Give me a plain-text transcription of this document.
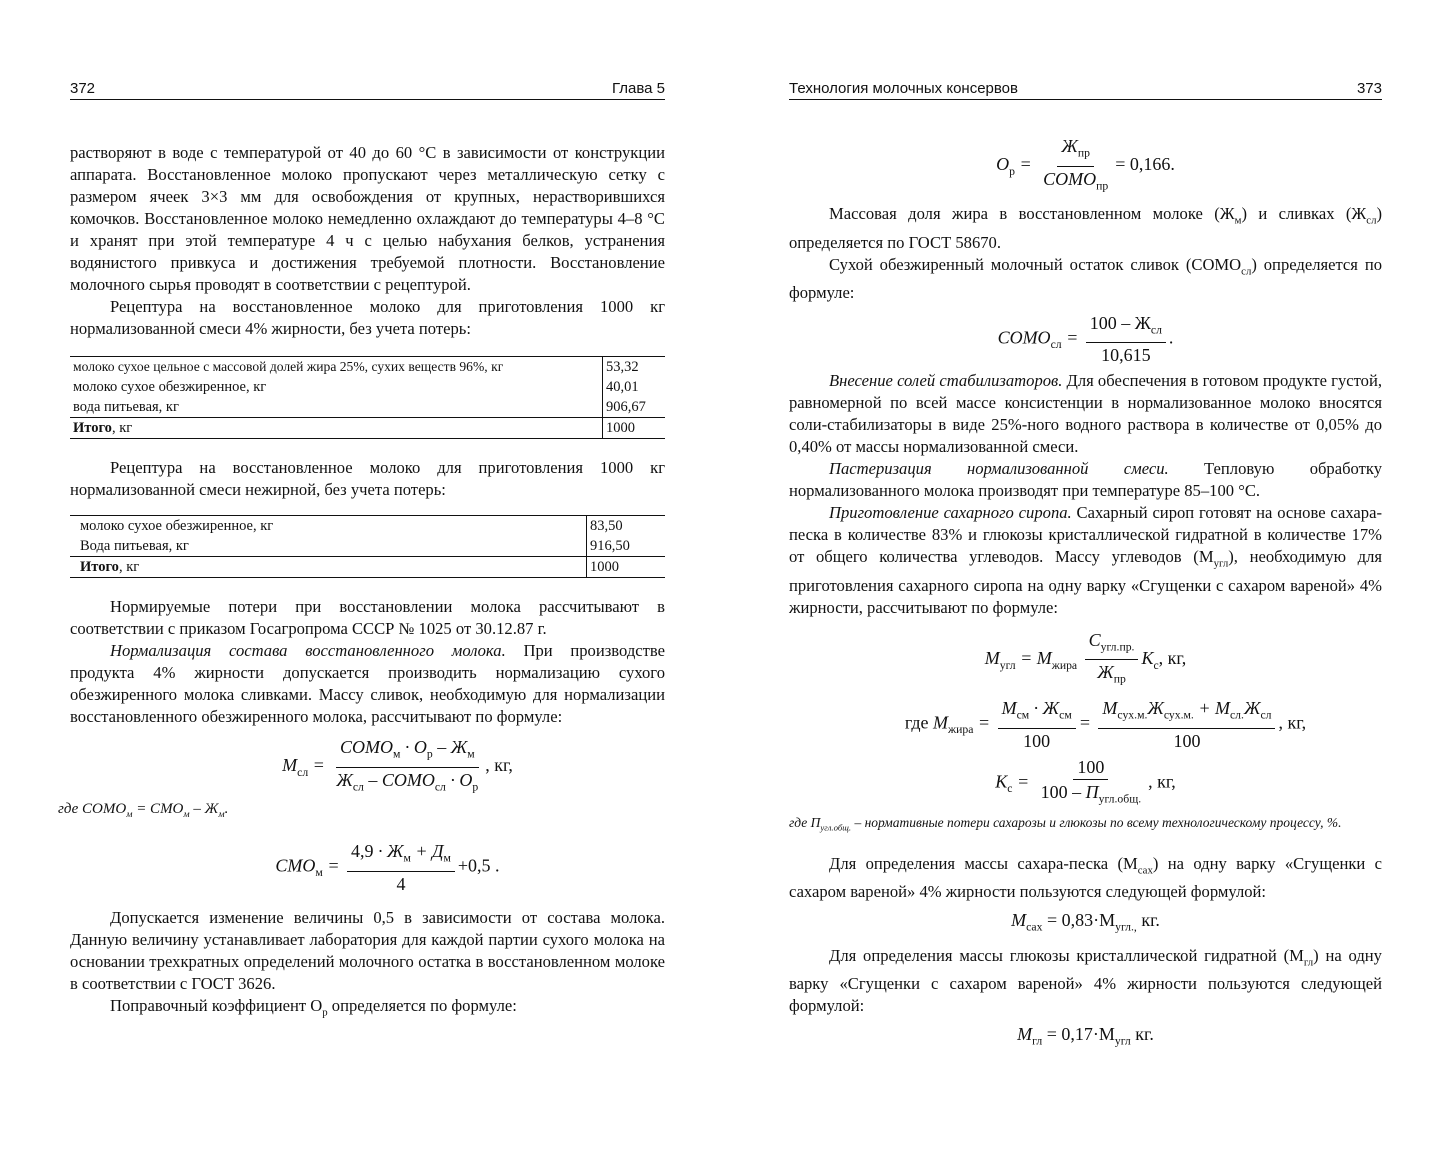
372	Глава 5

растворяют в воде с температурой от 40 до 60 °С в зависимости от конструкции аппарата. Восстановленное молоко пропускают через металлическую сетку с размером ячеек 3×3 мм для освобождения от крупных, нерастворившихся комочков. Восстановленное молоко немедленно охлаждают до температуры 4–8 °С и хранят при этой температуре 4 ч с целью набухания белков, устранения водянистого привкуса и достижения требуемой плотности. Восстановление молочного сырья проводят в соответствии с рецептурой.

Рецептура на восстановленное молоко для приготовления 1000 кг нормализованной смеси 4% жирности, без учета потерь:

молоко сухое цельное с массовой долей жира 25%, сухих веществ 96%, кг	53,32
молоко сухое обезжиренное, кг	40,01
вода питьевая, кг	906,67
Итого, кг	1000

Рецептура на восстановленное молоко для приготовления 1000 кг нормализованной смеси нежирной, без учета потерь:

молоко сухое обезжиренное, кг	83,50
Вода питьевая, кг	916,50
Итого, кг	1000

Нормируемые потери при восстановлении молока рассчитывают в соответствии с приказом Госагропрома СССР № 1025 от 30.12.87 г.

Нормализация состава восстановленного молока. При производстве продукта 4% жирности допускается производить нормализацию сухого обезжиренного молока сливками. Массу сливок, необходимую для нормализации восстановленного обезжиренного молока, рассчитывают по формуле:

$M_{сл} = \frac{СОМО_м \cdot О_р - Ж_м}{Ж_{сл} - СОМО_{сл} \cdot О_р}$ , кг,

где $СОМО_м = СМО_м - Ж_м$.

$СМО_м = \frac{4,9 \cdot Ж_м + Д_м}{4} +0,5$ .

Допускается изменение величины 0,5 в зависимости от состава молока. Данную величину устанавливает лаборатория для каждой партии сухого молока на основании трехкратных определений молочного остатка в восстановленном молоке в соответствии с ГОСТ 3626.

Поправочный коэффициент $О_р$ определяется по формуле:

Технология молочных консервов	373
$О_р = \frac{Ж_{пр}}{СОМО_{пр}} = 0,166$.

Массовая доля жира в восстановленном молоке $(Ж_м)$ и сливках $(Ж_{сл})$ определяется по ГОСТ 58670.

Сухой обезжиренный молочный остаток сливок $(СОМО_{сл})$ определяется по формуле:

$СОМО_{сл} = \frac{100 - Ж_{сл}}{10,615}$ .

Внесение солей стабилизаторов. Для обеспечения в готовом продукте густой, равномерной по всей массе консистенции в нормализованное молоко вносятся соли-стабилизаторы в виде 25%-ного водного раствора в количестве от 0,05% до 0,40% от массы нормализованной смеси.

Пастеризация нормализованной смеси. Тепловую обработку нормализованного молока производят при температуре 85–100 °С.

Приготовление сахарного сиропа. Сахарный сироп готовят на основе сахара-песка в количестве 83% и глюкозы кристаллической гидратной в количестве 17% от общего количества углеводов. Массу углеводов $(М_{угл})$, необходимую для приготовления сахарного сиропа на одну варку «Сгущенки с сахаром вареной» 4% жирности, рассчитывают по формуле:

$M_{угл} = M_{жира} \frac{С_{угл.пр.}}{Ж_{пр}} K_c$, кг,
где $M_{жира} = \frac{M_{см} \cdot Ж_{см}}{100} = \frac{M_{сух.м.}Ж_{сух.м.} + M_{сл.}Ж_{сл}}{100}$ , кг,
$K_c = \frac{100}{100 - П_{угл.общ.}}$ , кг,

где $П_{угл.общ.}$ – нормативные потери сахарозы и глюкозы по всему технологическому процессу, %.

Для определения массы сахара-песка $(М_{сах})$ на одну варку «Сгущенки с сахаром вареной» 4% жирности пользуются следующей формулой:

$M_{сах} = 0,83\cdot М_{угл.,}$ кг.

Для определения массы глюкозы кристаллической гидратной $(М_{гл})$ на одну варку «Сгущенки с сахаром вареной» 4% жирности пользуются следующей формулой:

$M_{гл} = 0,17\cdot М_{угл}$ кг.
